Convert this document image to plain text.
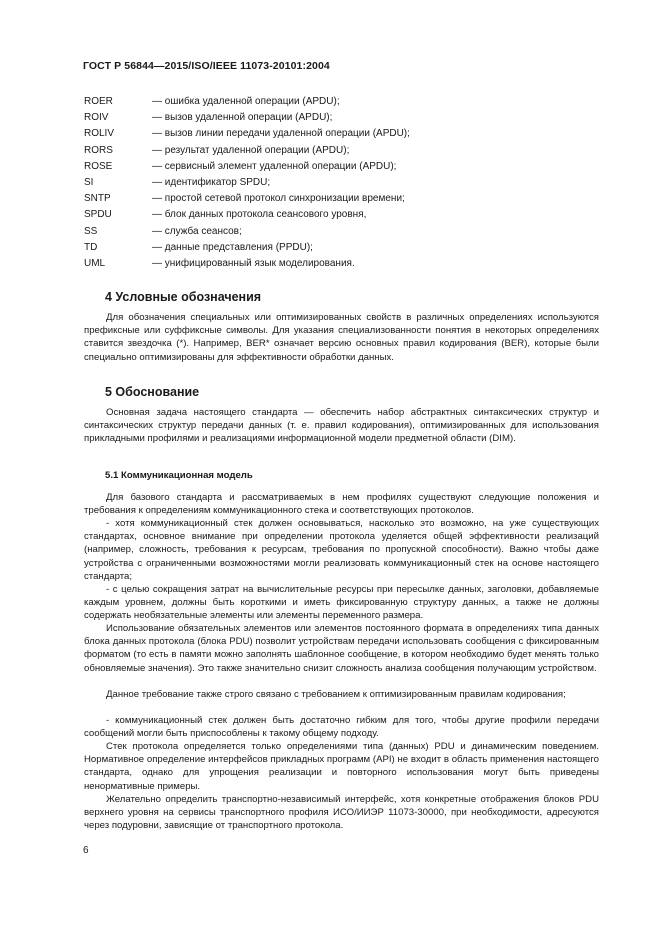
ГОСТ Р 56844—2015/ISO/IEEE 11073-20101:2004
ROER	— ошибка удаленной операции (APDU);
ROIV	— вызов удаленной операции (APDU);
ROLIV	— вызов линии передачи удаленной операции (APDU);
RORS	— результат удаленной операции (APDU);
ROSE	— сервисный элемент удаленной операции (APDU);
SI	— идентификатор SPDU;
SNTP	— простой сетевой протокол синхронизации времени;
SPDU	— блок данных протокола сеансового уровня,
SS	— служба сеансов;
TD	— данные представления (PPDU);
UML	— унифицированный язык моделирования.
4 Условные обозначения

Для обозначения специальных или оптимизированных свойств в различных определениях используются префиксные или суффиксные символы. Для указания специализованности понятия в некоторых определениях ставится звездочка (*). Например, BER* означает версию основных правил кодирования (BER), которые были специально оптимизированы для эффективности обработки данных.

5 Обоснование

Основная задача настоящего стандарта — обеспечить набор абстрактных синтаксических структур и синтаксических структур передачи данных (т. е. правил кодирования), оптимизированных для использования прикладными профилями и реализациями информационной модели предметной области (DIM).

5.1 Коммуникационная модель

Для базового стандарта и рассматриваемых в нем профилях существуют следующие положения и требования к определениям коммуникационного стека и соответствующих протоколов.

- хотя коммуникационный стек должен основываться, насколько это возможно, на уже существующих стандартах, основное внимание при определении протокола уделяется общей эффективности реализаций (например, сложность, требования к ресурсам, требования по пропускной способности). Важно чтобы даже устройства с ограниченными возможностями могли реализовать коммуникационный стек на основе настоящего стандарта;

- с целью сокращения затрат на вычислительные ресурсы при пересылке данных, заголовки, добавляемые каждым уровнем, должны быть короткими и иметь фиксированную структуру данных, а также не должны содержать необязательные элементы или элементы переменного размера.

Использование обязательных элементов или элементов постоянного формата в определениях типа данных блока данных протокола (блока PDU) позволит устройствам передачи использовать сообщения с фиксированным форматом (то есть в памяти можно заполнять шаблонное сообщение, в котором необходимо будет менять только обновляемые значения). Это также значительно снизит сложность анализа сообщения получающим устройством.

Данное требование также строго связано с требованием к оптимизированным правилам кодирования;

- коммуникационный стек должен быть достаточно гибким для того, чтобы другие профили передачи сообщений могли быть приспособлены к такому общему подходу.

Стек протокола определяется только определениями типа (данных) PDU и динамическим поведением. Нормативное определение интерфейсов прикладных программ (API) не входит в область применения настоящего стандарта, однако для упрощения реализации и повторного использования могут быть приведены ненормативные примеры.

Желательно определить транспортно-независимый интерфейс, хотя конкретные отображения блоков PDU верхнего уровня на сервисы транспортного профиля ИСО/ИИЭР 11073-30000, при необходимости, адресуются через подуровни, зависящие от транспортного протокола.

6
